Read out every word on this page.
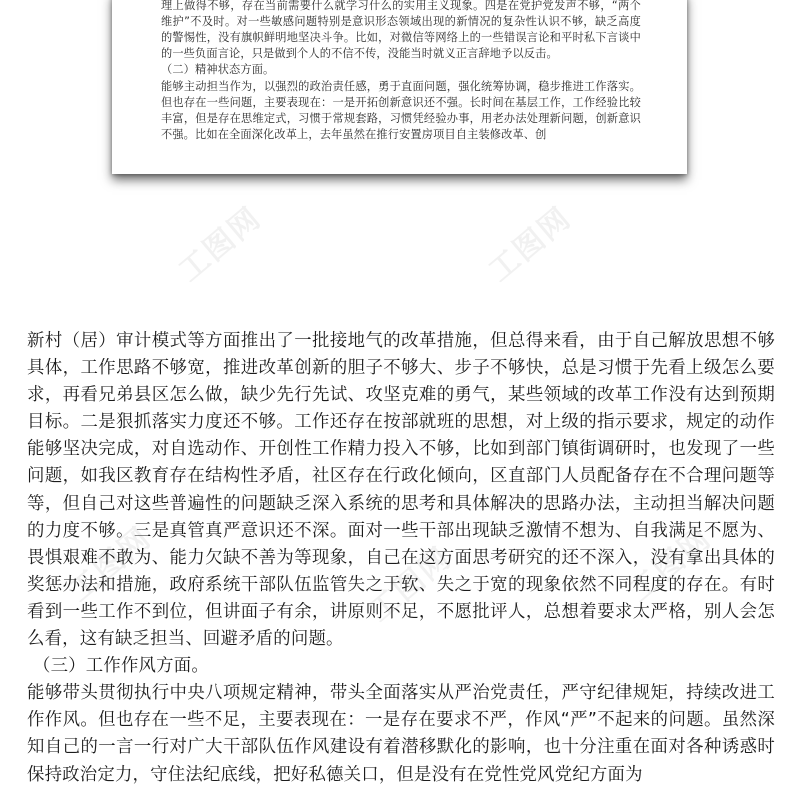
理上做得不够，存在当前需要什么就学习什么的实用主义现象。四是在党护党发声不够，“两个维护”不及时。对一些敏感问题特别是意识形态领域出现的新情况的复杂性认识不够，缺乏高度的警惕性，没有旗帜鲜明地坚决斗争。比如，对微信等网络上的一些错误言论和平时私下言谈中的一些负面言论，只是做到个人的不信不传，没能当时就义正言辞地予以反击。

（二）精神状态方面。

能够主动担当作为，以强烈的政治责任感，勇于直面问题，强化统筹协调，稳步推进工作落实。但也存在一些问题，主要表现在：一是开拓创新意识还不强。长时间在基层工作，工作经验比较丰富，但是存在思维定式，习惯于常规套路，习惯凭经验办事，用老办法处理新问题，创新意识不强。比如在全面深化改革上，去年虽然在推行安置房项目自主装修改革、创

工图网	工图网
工图网	工图网	工图网

新村（居）审计模式等方面推出了一批接地气的改革措施，但总得来看，由于自己解放思想不够具体，工作思路不够宽，推进改革创新的胆子不够大、步子不够快，总是习惯于先看上级怎么要求，再看兄弟县区怎么做，缺少先行先试、攻坚克难的勇气，某些领域的改革工作没有达到预期目标。二是狠抓落实力度还不够。工作还存在按部就班的思想，对上级的指示要求，规定的动作能够坚决完成，对自选动作、开创性工作精力投入不够，比如到部门镇街调研时，也发现了一些问题，如我区教育存在结构性矛盾，社区存在行政化倾向，区直部门人员配备存在不合理问题等等，但自己对这些普遍性的问题缺乏深入系统的思考和具体解决的思路办法，主动担当解决问题的力度不够。三是真管真严意识还不深。面对一些干部出现缺乏激情不想为、自我满足不愿为、畏惧艰难不敢为、能力欠缺不善为等现象，自己在这方面思考研究的还不深入，没有拿出具体的奖惩办法和措施，政府系统干部队伍监管失之于软、失之于宽的现象依然不同程度的存在。有时看到一些工作不到位，但讲面子有余，讲原则不足，不愿批评人，总想着要求太严格，别人会怎么看，这有缺乏担当、回避矛盾的问题。

（三）工作作风方面。

能够带头贯彻执行中央八项规定精神，带头全面落实从严治党责任，严守纪律规矩，持续改进工作作风。但也存在一些不足，主要表现在：一是存在要求不严，作风“严”不起来的问题。虽然深知自己的一言一行对广大干部队伍作风建设有着潜移默化的影响，也十分注重在面对各种诱惑时保持政治定力，守住法纪底线，把好私德关口，但是没有在党性党风党纪方面为
